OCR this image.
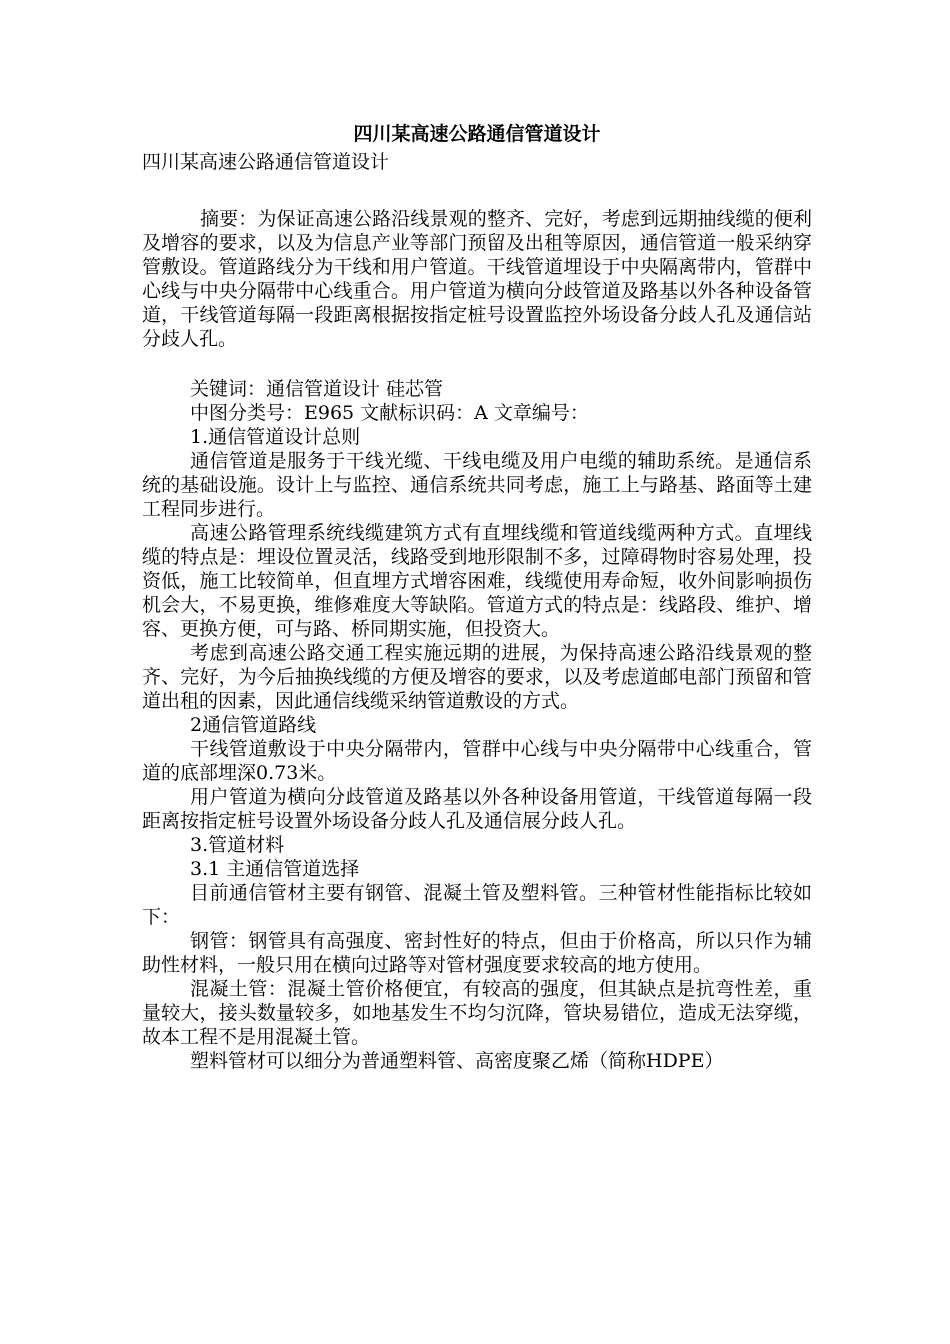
四川某高速公路通信管道设计

四川某高速公路通信管道设计

摘要：为保证高速公路沿线景观的整齐、完好，考虑到远期抽线缆的便利及增容的要求，以及为信息产业等部门预留及出租等原因，通信管道一般采纳穿管敷设。管道路线分为干线和用户管道。干线管道埋设于中央隔离带内，管群中心线与中央分隔带中心线重合。用户管道为横向分歧管道及路基以外各种设备管道，干线管道每隔一段距离根据按指定桩号设置监控外场设备分歧人孔及通信站分歧人孔。

关键词：通信管道设计 硅芯管

中图分类号：E965 文献标识码：A 文章编号：

1.通信管道设计总则

通信管道是服务于干线光缆、干线电缆及用户电缆的辅助系统。是通信系统的基础设施。设计上与监控、通信系统共同考虑，施工上与路基、路面等土建工程同步进行。

高速公路管理系统线缆建筑方式有直埋线缆和管道线缆两种方式。直埋线缆的特点是：埋设位置灵活，线路受到地形限制不多，过障碍物时容易处理，投资低，施工比较简单，但直埋方式增容困难，线缆使用寿命短，收外间影响损伤机会大，不易更换，维修难度大等缺陷。管道方式的特点是：线路段、维护、增容、更换方便，可与路、桥同期实施，但投资大。

考虑到高速公路交通工程实施远期的进展，为保持高速公路沿线景观的整齐、完好，为今后抽换线缆的方便及增容的要求，以及考虑道邮电部门预留和管道出租的因素，因此通信线缆采纳管道敷设的方式。

2通信管道路线

干线管道敷设于中央分隔带内，管群中心线与中央分隔带中心线重合，管道的底部埋深0.73米。

用户管道为横向分歧管道及路基以外各种设备用管道，干线管道每隔一段距离按指定桩号设置外场设备分歧人孔及通信展分歧人孔。

3.管道材料

3.1 主通信管道选择

目前通信管材主要有钢管、混凝土管及塑料管。三种管材性能指标比较如下：

钢管：钢管具有高强度、密封性好的特点，但由于价格高，所以只作为辅助性材料，一般只用在横向过路等对管材强度要求较高的地方使用。

混凝土管：混凝土管价格便宜，有较高的强度，但其缺点是抗弯性差，重量较大，接头数量较多，如地基发生不均匀沉降，管块易错位，造成无法穿缆，故本工程不是用混凝土管。

塑料管材可以细分为普通塑料管、高密度聚乙烯（简称HDPE）
